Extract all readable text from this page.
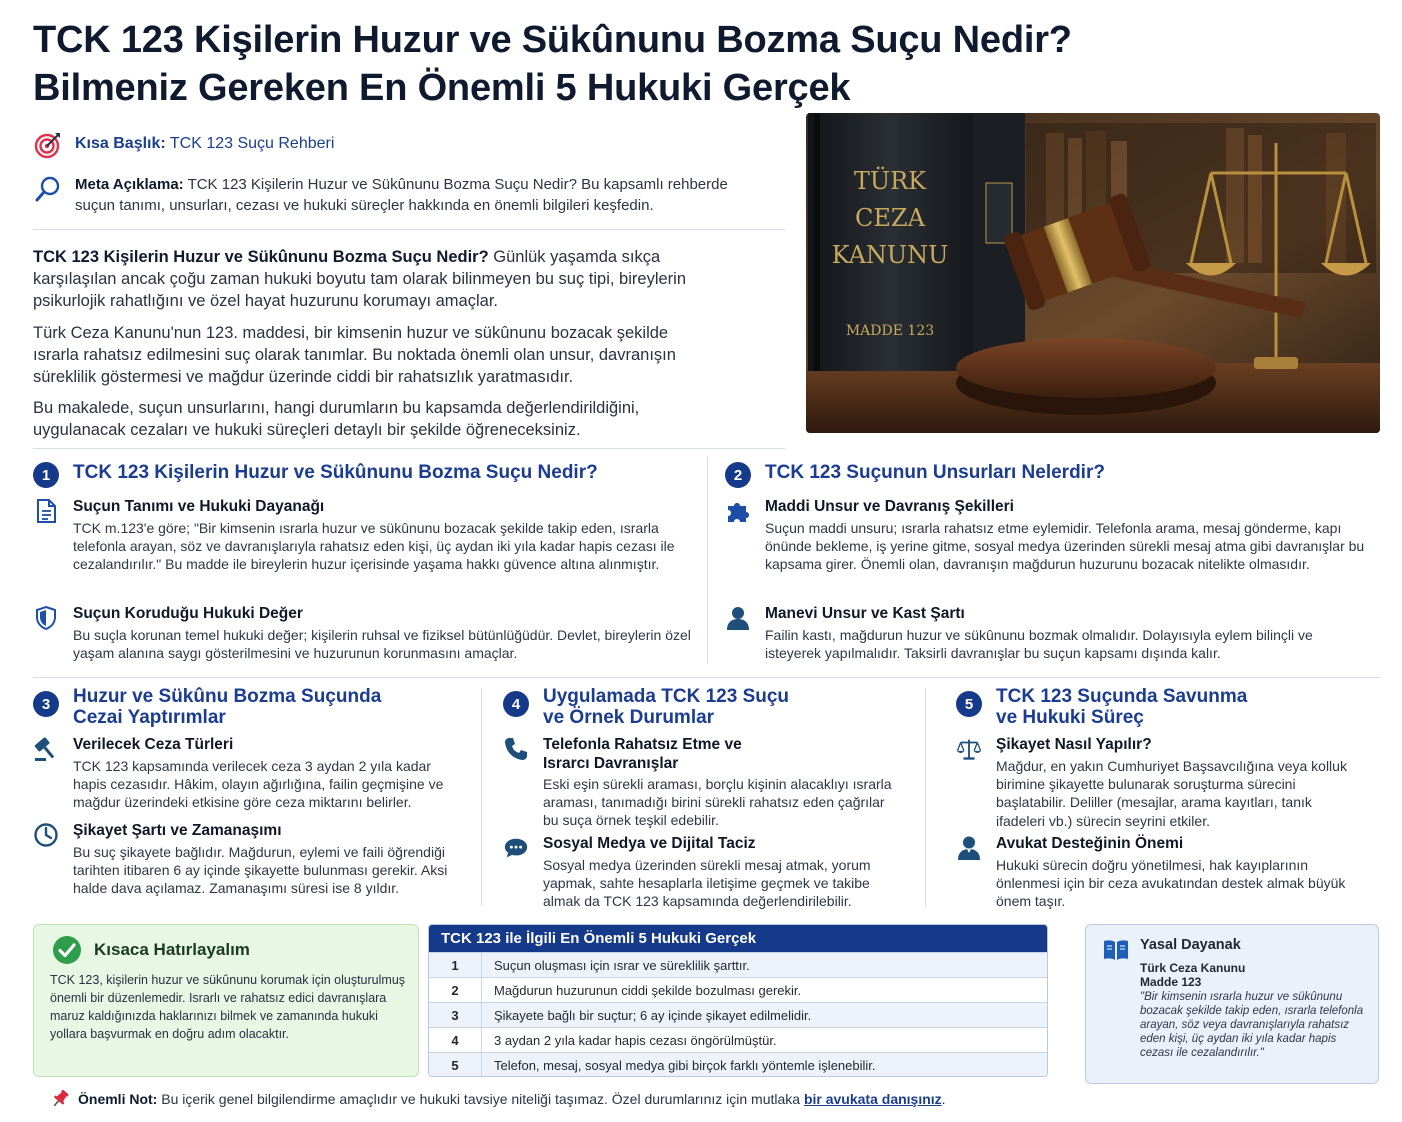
TCK 123 Kişilerin Huzur ve Sükûnunu Bozma Suçu Nedir?
Bilmeniz Gereken En Önemli 5 Hukuki Gerçek
Kısa Başlık: TCK 123 Suçu Rehberi
Meta Açıklama: TCK 123 Kişilerin Huzur ve Sükûnunu Bozma Suçu Nedir? Bu kapsamlı rehberde
suçun tanımı, unsurları, cezası ve hukuki süreçler hakkında en önemli bilgileri keşfedin.
TCK 123 Kişilerin Huzur ve Sükûnunu Bozma Suçu Nedir? Günlük yaşamda sıkça karşılaşılan ancak çoğu zaman hukuki boyutu tam olarak bilinmeyen bu suç tipi, bireylerin psikurlojik rahatlığını ve özel hayat huzurunu korumayı amaçlar.
Türk Ceza Kanunu'nun 123. maddesi, bir kimsenin huzur ve sükûnunu bozacak şekilde ısrarla rahatsız edilmesini suç olarak tanımlar. Bu noktada önemli olan unsur, davranışın süreklilik göstermesi ve mağdur üzerinde ciddi bir rahatsızlık yaratmasıdır.
Bu makalede, suçun unsurlarını, hangi durumların bu kapsamda değerlendirildiğini, uygulanacak cezaları ve hukuki süreçleri detaylı bir şekilde öğreneceksiniz.
TÜRK
CEZA
KANUNU
MADDE 123
1	TCK 123 Kişilerin Huzur ve Sükûnunu Bozma Suçu Nedir?
Suçun Tanımı ve Hukuki Dayanağı

TCK m.123'e göre; "Bir kimsenin ısrarla huzur ve sükûnunu bozacak şekilde takip eden, ısrarla telefonla arayan, söz ve davranışlarıyla rahatsız eden kişi, üç aydan iki yıla kadar hapis cezası ile cezalandırılır." Bu madde ile bireylerin huzur içerisinde yaşama hakkı güvence altına alınmıştır.

Suçun Koruduğu Hukuki Değer

Bu suçla korunan temel hukuki değer; kişilerin ruhsal ve fiziksel bütünlüğüdür. Devlet, bireylerin özel yaşam alanına saygı gösterilmesini ve huzurunun korunmasını amaçlar.

2	TCK 123 Suçunun Unsurları Nelerdir?
Maddi Unsur ve Davranış Şekilleri

Suçun maddi unsuru; ısrarla rahatsız etme eylemidir. Telefonla arama, mesaj gönderme, kapı önünde bekleme, iş yerine gitme, sosyal medya üzerinden sürekli mesaj atma gibi davranışlar bu kapsama girer. Önemli olan, davranışın mağdurun huzurunu bozacak nitelikte olmasıdır.

Manevi Unsur ve Kast Şartı

Failin kastı, mağdurun huzur ve sükûnunu bozmak olmalıdır. Dolayısıyla eylem bilinçli ve isteyerek yapılmalıdır. Taksirli davranışlar bu suçun kapsamı dışında kalır.

3	Huzur ve Sükûnu Bozma Suçunda
Cezai Yaptırımlar
Verilecek Ceza Türleri

TCK 123 kapsamında verilecek ceza 3 aydan 2 yıla kadar hapis cezasıdır. Hâkim, olayın ağırlığına, failin geçmişine ve mağdur üzerindeki etkisine göre ceza miktarını belirler.

Şikayet Şartı ve Zamanaşımı

Bu suç şikayete bağlıdır. Mağdurun, eylemi ve faili öğrendiği tarihten itibaren 6 ay içinde şikayette bulunması gerekir. Aksi halde dava açılamaz. Zamanaşımı süresi ise 8 yıldır.

4	Uygulamada TCK 123 Suçu
ve Örnek Durumlar
Telefonla Rahatsız Etme ve
Israrcı Davranışlar

Eski eşin sürekli araması, borçlu kişinin alacaklıyı ısrarla araması, tanımadığı birini sürekli rahatsız eden çağrılar bu suça örnek teşkil edebilir.

Sosyal Medya ve Dijital Taciz

Sosyal medya üzerinden sürekli mesaj atmak, yorum yapmak, sahte hesaplarla iletişime geçmek ve takibe almak da TCK 123 kapsamında değerlendirilebilir.

5	TCK 123 Suçunda Savunma
ve Hukuki Süreç
Şikayet Nasıl Yapılır?

Mağdur, en yakın Cumhuriyet Başsavcılığına veya kolluk birimine şikayette bulunarak soruşturma sürecini başlatabilir. Deliller (mesajlar, arama kayıtları, tanık ifadeleri vb.) sürecin seyrini etkiler.

Avukat Desteğinin Önemi

Hukuki sürecin doğru yönetilmesi, hak kayıplarının önlenmesi için bir ceza avukatından destek almak büyük önem taşır.

Kısaca Hatırlayalım

TCK 123, kişilerin huzur ve sükûnunu korumak için oluşturulmuş önemli bir düzenlemedir. Israrlı ve rahatsız edici davranışlara maruz kaldığınızda haklarınızı bilmek ve zamanında hukuki yollara başvurmak en doğru adım olacaktır.

TCK 123 ile İlgili En Önemli 5 Hukuki Gerçek
1	Suçun oluşması için ısrar ve süreklilik şarttır.
2	Mağdurun huzurunun ciddi şekilde bozulması gerekir.
3	Şikayete bağlı bir suçtur; 6 ay içinde şikayet edilmelidir.
4	3 aydan 2 yıla kadar hapis cezası öngörülmüştür.
5	Telefon, mesaj, sosyal medya gibi birçok farklı yöntemle işlenebilir.
Yasal Dayanak
Türk Ceza Kanunu Madde 123
"Bir kimsenin ısrarla huzur ve sükûnunu bozacak şekilde takip eden, ısrarla telefonla arayan, söz veya davranışlarıyla rahatsız eden kişi, üç aydan iki yıla kadar hapis cezası ile cezalandırılır."
Önemli Not: Bu içerik genel bilgilendirme amaçlıdır ve hukuki tavsiye niteliği taşımaz. Özel durumlarınız için mutlaka bir avukata danışınız.
